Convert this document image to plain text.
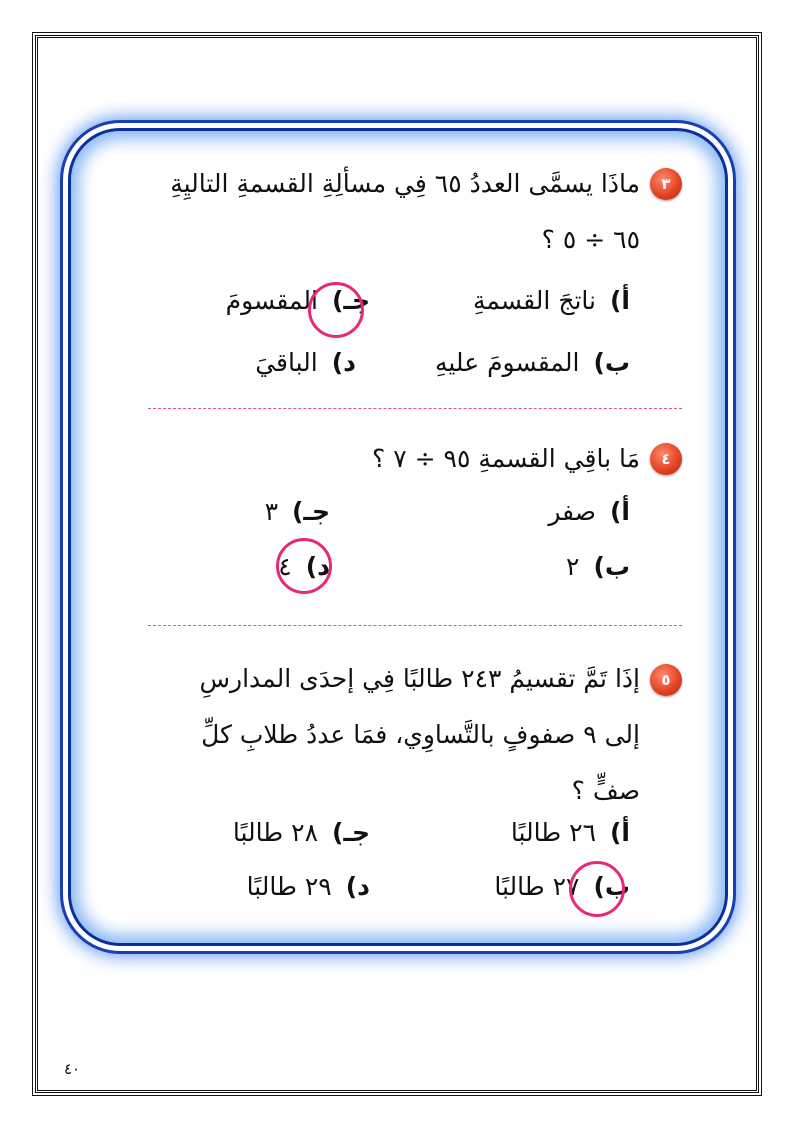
٣
ماذَا يسمَّى العددُ ٦٥ فِي مسألِةِ القسمةِ التاليِةِ
٦٥ ÷ ٥ ؟
أ)ناتجَ القسمةِ
جـ)المقسومَ
ب)المقسومَ عليهِ
د)الباقيَ
٤
مَا باقِي القسمةِ ٩٥ ÷ ٧ ؟
أ)صفر
جـ)٣
ب)٢
د)٤
٥
إذَا تَمَّ تقسيمُ ٢٤٣ طالبًا فِي إحدَى المدارسِ
إلى ٩ صفوفٍ بالتَّساوِي، فمَا عددُ طلابِ كلِّ
صفٍّ ؟
أ)٢٦ طالبًا
جـ)٢٨ طالبًا
ب)٢٧ طالبًا
د)٢٩ طالبًا
٤٠
